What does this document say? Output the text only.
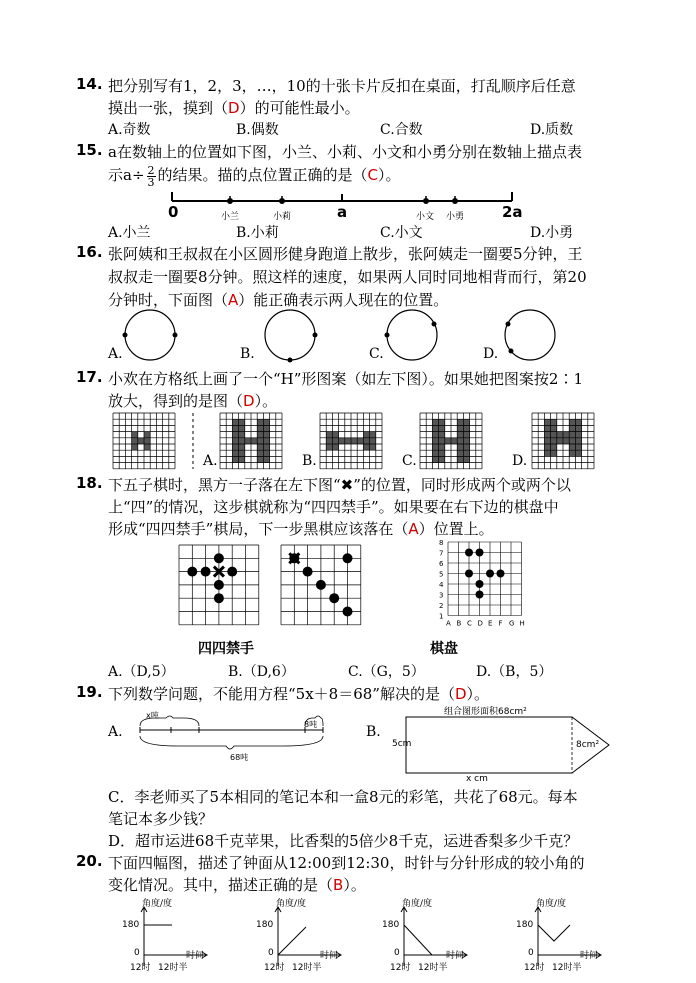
14. 把分别写有1，2，3，…，10的十张卡片反扣在桌面，打乱顺序后任意
摸出一张，摸到（D）的可能性最小。
A.奇数	B.偶数	C.合数	D.质数
15. a在数轴上的位置如下图，小兰、小莉、小文和小勇分别在数轴上描点表
示$a\div \frac{2}{3}$ 的结果。描的点位置正确的是（C）。
0	a	2a
小兰	小莉	小文 小勇
A.小兰	B.小莉	C.小文	D.小勇
16. 张阿姨和王叔叔在小区圆形健身跑道上散步，张阿姨走一圈要5分钟，王
叔叔走一圈要8分钟。照这样的速度，如果两人同时同地相背而行，第20
分钟时，下面图（A）能正确表示两人现在的位置。
A.	B.	C.	D.
17. 小欢在方格纸上画了一个“H”形图案（如左下图）。如果她把图案按2∶1
放大，得到的是图（D）。
A.	B.	C.	D.
18. 下五子棋时，黑方一子落在左下图“✖”的位置，同时形成两个或两个以
上“四”的情况，这步棋就称为“四四禁手”。如果要在右下边的棋盘中
形成“四四禁手”棋局，下一步黑棋应该落在（A）位置上。
1
2
3
4
5
6
7
8
A B C D E F G H
四四禁手	棋盘
A.（D,5）	B.（D,6）	C.（G，5）	D.（B，5）
19. 下列数学问题，不能用方程“5x＋8＝68”解决的是（D）。
A.
x吨
8吨
68吨
B.
组合图形面积68cm²
5cm	8cm²
x cm
C．李老师买了5本相同的笔记本和一盒8元的彩笔，共花了68元。每本
笔记本多少钱？
D．超市运进68千克苹果，比香梨的5倍少8千克，运进香梨多少千克？
20. 下面四幅图，描述了钟面从12:00到12:30，时针与分针形成的较小角的
变化情况。其中，描述正确的是（B）。
角度/度
180
0	时间
12时 12时半
角度/度
180
0	时间
12时 12时半
角度/度
180
0	时间
12时 12时半
角度/度
180
0	时间
12时 12时半
